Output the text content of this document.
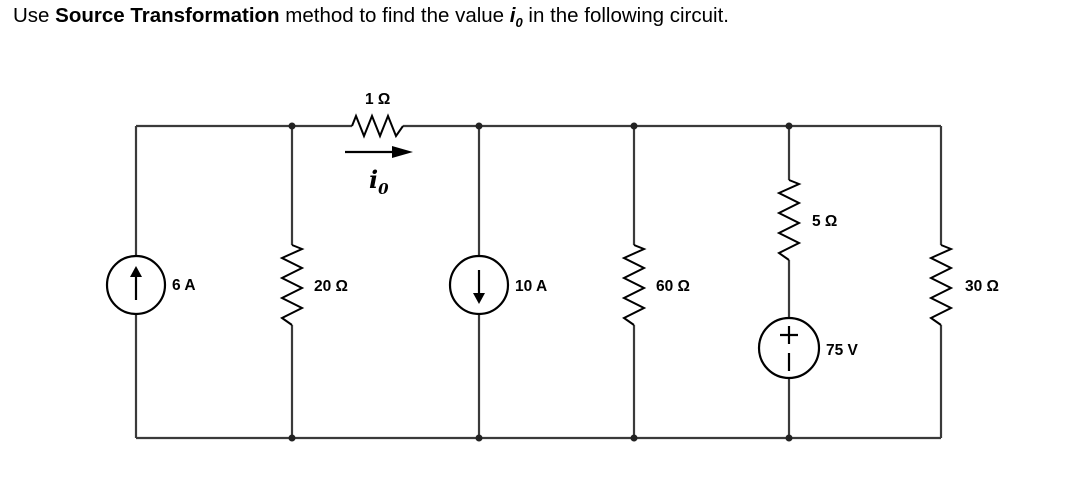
Use Source Transformation method to find the value $i_0$ in the following circuit.
6 A	20 Ω
1 Ω
$i_0$
10 A	60 Ω
5 Ω
75 V
30 Ω
